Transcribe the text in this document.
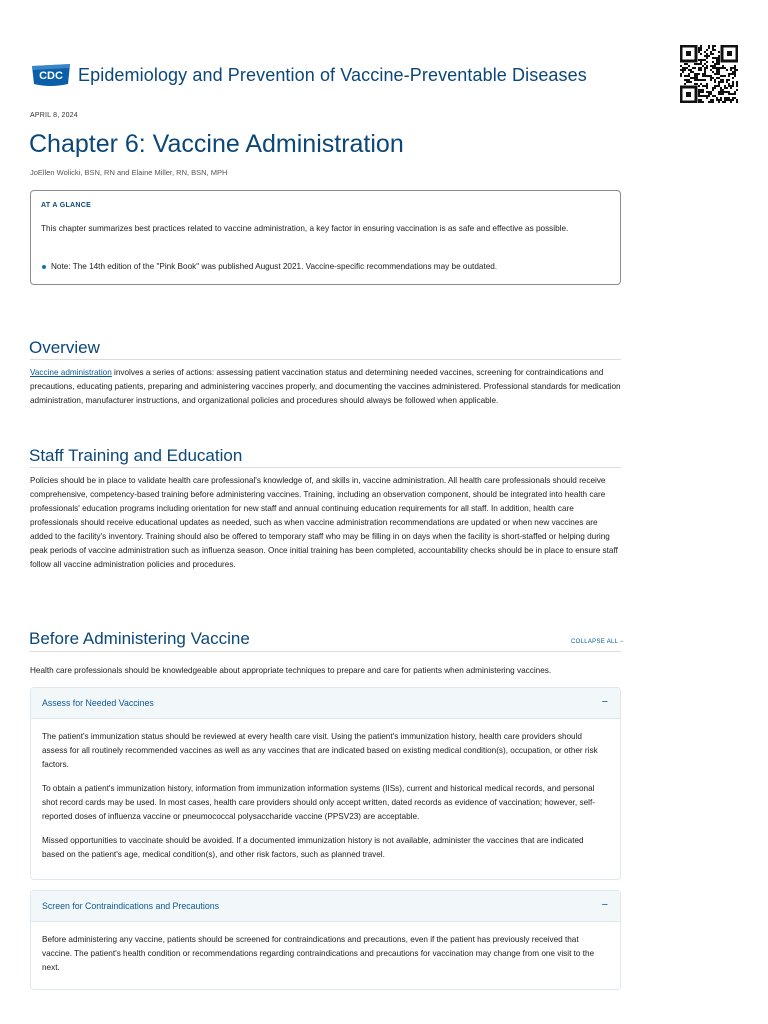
CDC Epidemiology and Prevention of Vaccine-Preventable Diseases
APRIL 8, 2024
Chapter 6: Vaccine Administration
JoEllen Wolicki, BSN, RN and Elaine Miller, RN, BSN, MPH
AT A GLANCE
This chapter summarizes best practices related to vaccine administration, a key factor in ensuring vaccination is as safe and effective as possible.
Note: The 14th edition of the "Pink Book" was published August 2021. Vaccine-specific recommendations may be outdated.
Overview

Vaccine administration involves a series of actions: assessing patient vaccination status and determining needed vaccines, screening for contraindications and precautions, educating patients, preparing and administering vaccines properly, and documenting the vaccines administered. Professional standards for medication administration, manufacturer instructions, and organizational policies and procedures should always be followed when applicable.

Staff Training and Education

Policies should be in place to validate health care professional's knowledge of, and skills in, vaccine administration. All health care professionals should receive comprehensive, competency-based training before administering vaccines. Training, including an observation component, should be integrated into health care professionals' education programs including orientation for new staff and annual continuing education requirements for all staff. In addition, health care professionals should receive educational updates as needed, such as when vaccine administration recommendations are updated or when new vaccines are added to the facility's inventory. Training should also be offered to temporary staff who may be filling in on days when the facility is short-staffed or helping during peak periods of vaccine administration such as influenza season. Once initial training has been completed, accountability checks should be in place to ensure staff follow all vaccine administration policies and procedures.

Before Administering Vaccine	COLLAPSE ALL −

Health care professionals should be knowledgeable about appropriate techniques to prepare and care for patients when administering vaccines.

Assess for Needed Vaccines	−

The patient's immunization status should be reviewed at every health care visit. Using the patient's immunization history, health care providers should assess for all routinely recommended vaccines as well as any vaccines that are indicated based on existing medical condition(s), occupation, or other risk factors.

To obtain a patient's immunization history, information from immunization information systems (IISs), current and historical medical records, and personal shot record cards may be used. In most cases, health care providers should only accept written, dated records as evidence of vaccination; however, self-reported doses of influenza vaccine or pneumococcal polysaccharide vaccine (PPSV23) are acceptable.

Missed opportunities to vaccinate should be avoided. If a documented immunization history is not available, administer the vaccines that are indicated based on the patient's age, medical condition(s), and other risk factors, such as planned travel.

Screen for Contraindications and Precautions	−

Before administering any vaccine, patients should be screened for contraindications and precautions, even if the patient has previously received that vaccine. The patient's health condition or recommendations regarding contraindications and precautions for vaccination may change from one visit to the next.
